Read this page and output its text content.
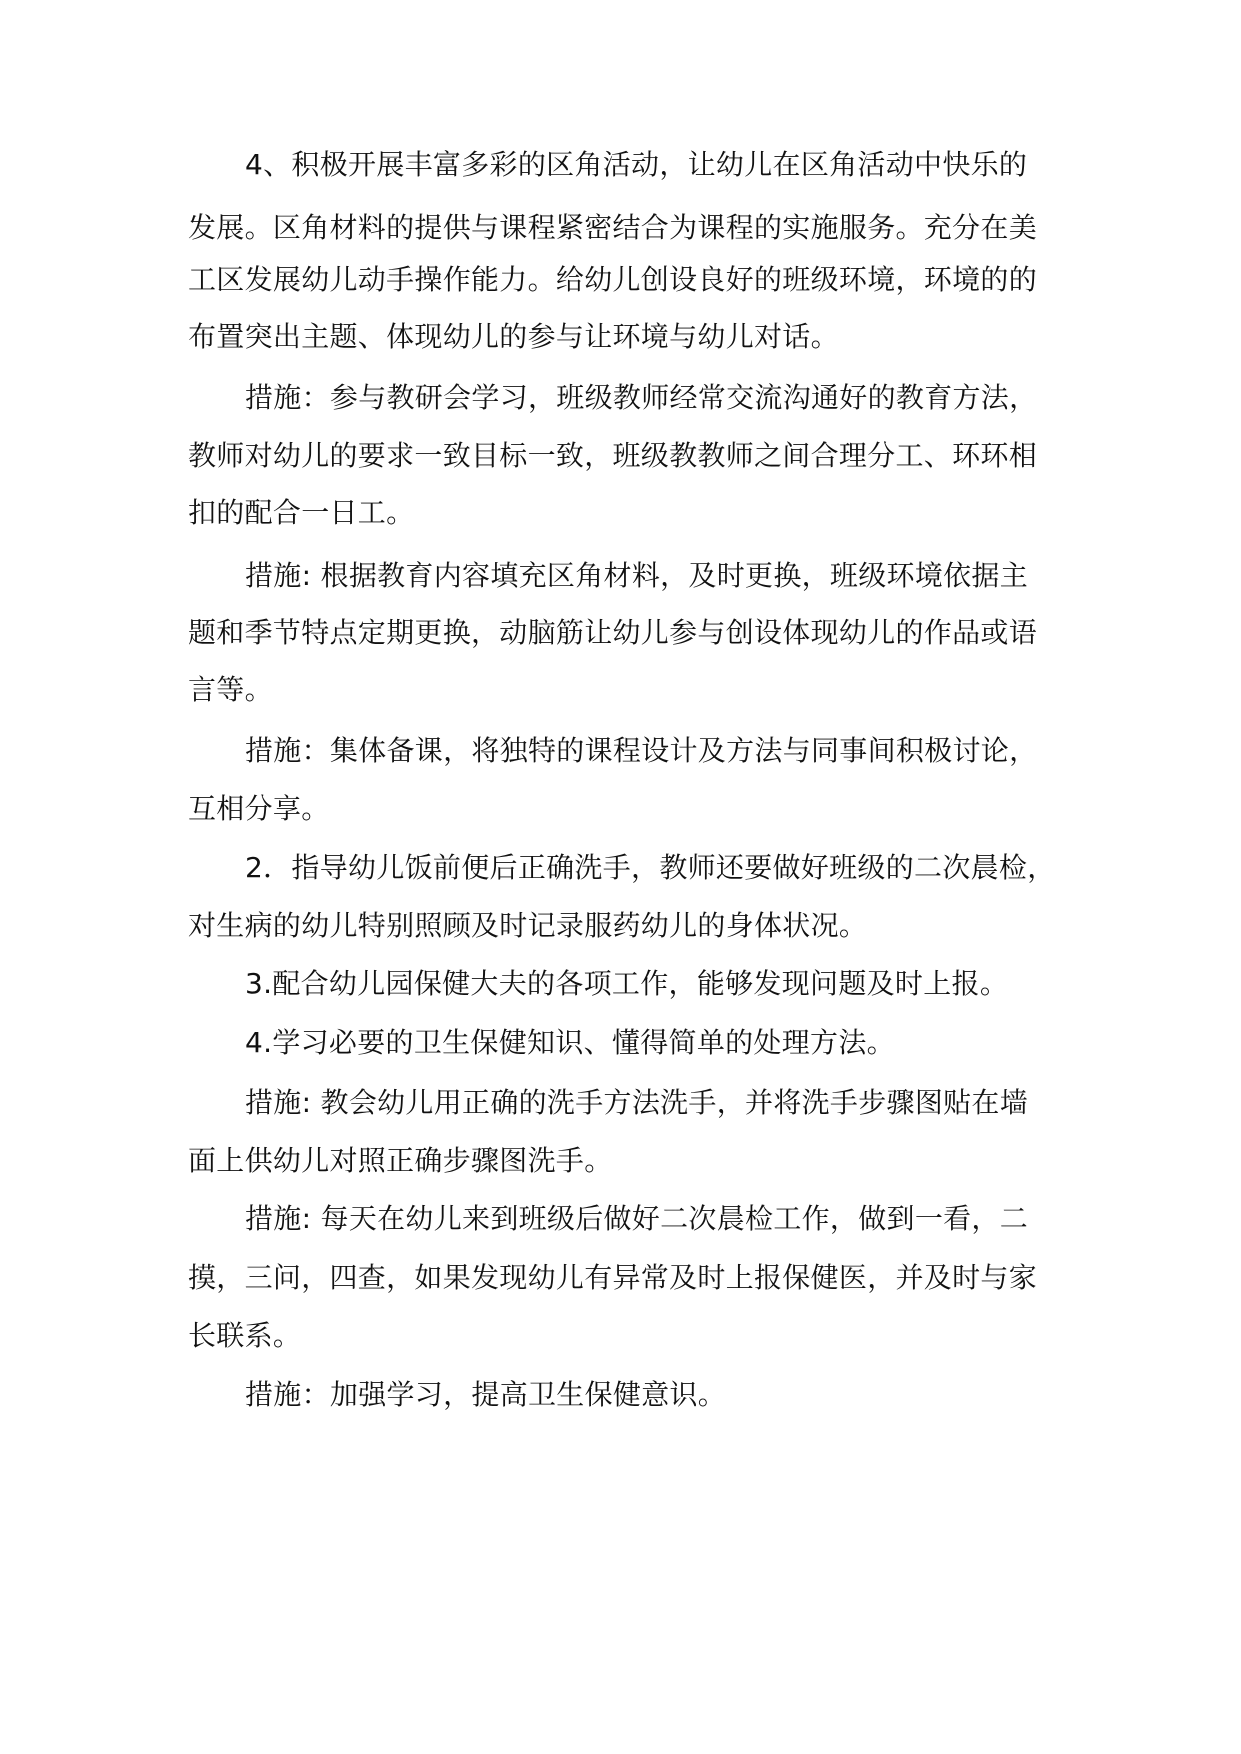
4、积极开展丰富多彩的区角活动，让幼儿在区角活动中快乐的
发展。区角材料的提供与课程紧密结合为课程的实施服务。充分在美
工区发展幼儿动手操作能力。给幼儿创设良好的班级环境，环境的的
布置突出主题、体现幼儿的参与让环境与幼儿对话。
措施：参与教研会学习，班级教师经常交流沟通好的教育方法，
教师对幼儿的要求一致目标一致，班级教教师之间合理分工、环环相
扣的配合一日工。
措施: 根据教育内容填充区角材料，及时更换，班级环境依据主
题和季节特点定期更换，动脑筋让幼儿参与创设体现幼儿的作品或语
言等。
措施：集体备课，将独特的课程设计及方法与同事间积极讨论，
互相分享。
2．指导幼儿饭前便后正确洗手，教师还要做好班级的二次晨检，
对生病的幼儿特别照顾及时记录服药幼儿的身体状况。
3.配合幼儿园保健大夫的各项工作，能够发现问题及时上报。
4.学习必要的卫生保健知识、懂得简单的处理方法。
措施: 教会幼儿用正确的洗手方法洗手，并将洗手步骤图贴在墙
面上供幼儿对照正确步骤图洗手。
措施: 每天在幼儿来到班级后做好二次晨检工作，做到一看，二
摸，三问，四查，如果发现幼儿有异常及时上报保健医，并及时与家
长联系。
措施：加强学习，提高卫生保健意识。
